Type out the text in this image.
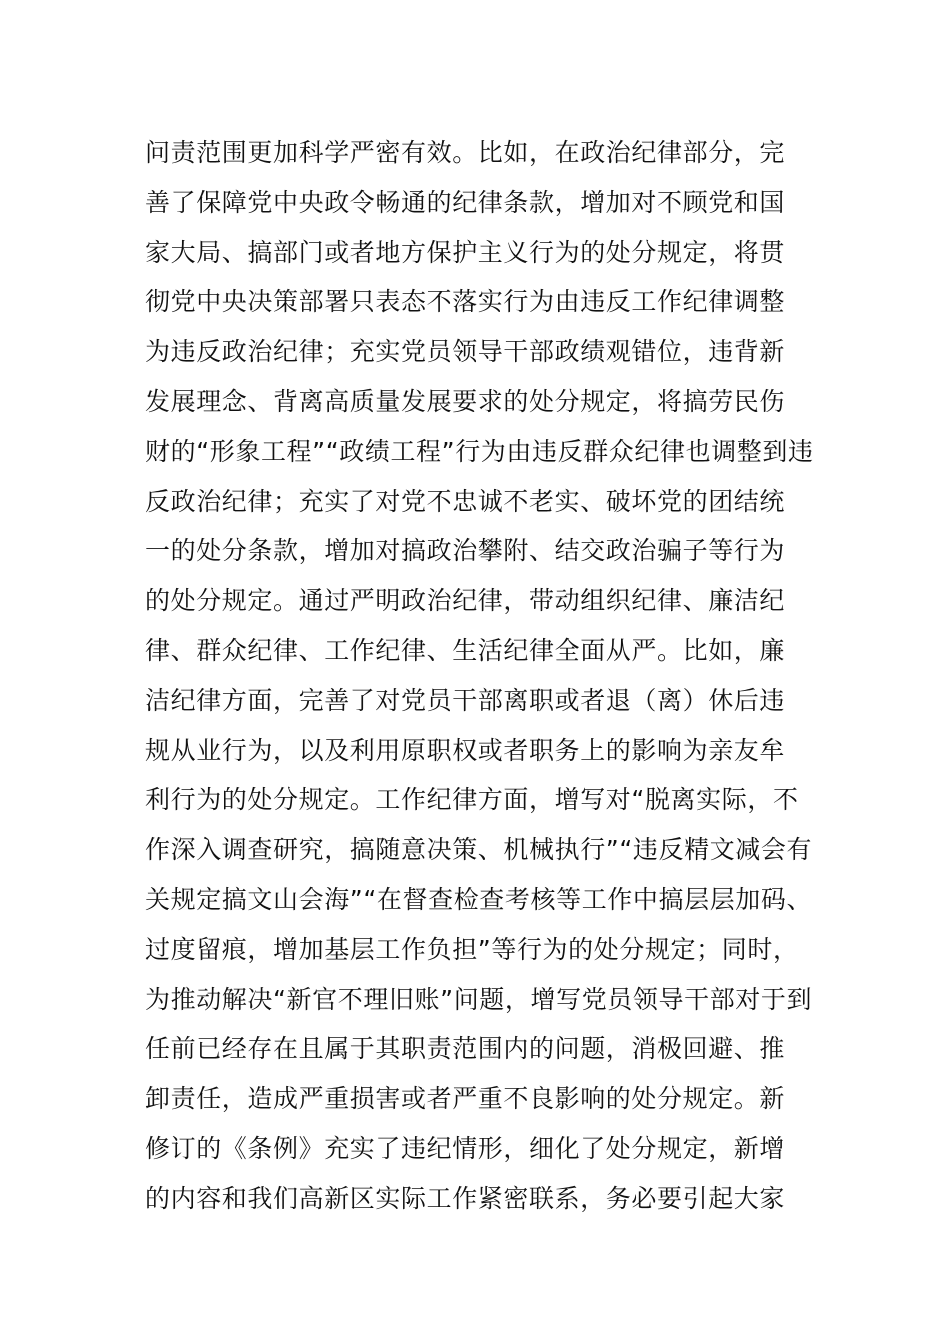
问责范围更加科学严密有效。比如，在政治纪律部分，完
善了保障党中央政令畅通的纪律条款，增加对不顾党和国
家大局、搞部门或者地方保护主义行为的处分规定，将贯
彻党中央决策部署只表态不落实行为由违反工作纪律调整
为违反政治纪律；充实党员领导干部政绩观错位，违背新
发展理念、背离高质量发展要求的处分规定，将搞劳民伤
财的“形象工程”“政绩工程”行为由违反群众纪律也调整到违
反政治纪律；充实了对党不忠诚不老实、破坏党的团结统
一的处分条款，增加对搞政治攀附、结交政治骗子等行为
的处分规定。通过严明政治纪律，带动组织纪律、廉洁纪
律、群众纪律、工作纪律、生活纪律全面从严。比如，廉
洁纪律方面，完善了对党员干部离职或者退（离）休后违
规从业行为，以及利用原职权或者职务上的影响为亲友牟
利行为的处分规定。工作纪律方面，增写对“脱离实际，不
作深入调查研究，搞随意决策、机械执行”“违反精文减会有
关规定搞文山会海”“在督查检查考核等工作中搞层层加码、
过度留痕，增加基层工作负担”等行为的处分规定；同时，
为推动解决“新官不理旧账”问题，增写党员领导干部对于到
任前已经存在且属于其职责范围内的问题，消极回避、推
卸责任，造成严重损害或者严重不良影响的处分规定。新
修订的《条例》充实了违纪情形，细化了处分规定，新增
的内容和我们高新区实际工作紧密联系，务必要引起大家
